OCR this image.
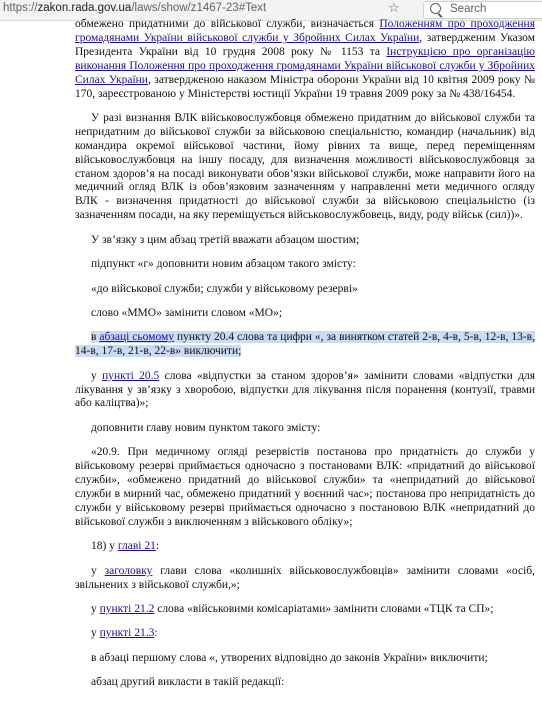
https://zakon.rada.gov.ua/laws/show/z1467-23#Text	☆	Search

обмежено придатними до військової служби, визначається Положенням про проходження громадянами України військової служби у Збройних Силах України, затвердженим Указом Президента України від 10 грудня 2008 року № 1153 та Інструкцією про організацію виконання Положення про проходження громадянами України військової служби у Збройних Силах України, затвердженою наказом Міністра оборони України від 10 квітня 2009 року № 170, зареєстрованою у Міністерстві юстиції України 19 травня 2009 року за № 438/16454.

У разі визнання ВЛК військовослужбовця обмежено придатним до військової служби та непридатним до військової служби за військовою спеціальністю, командир (начальник) від командира окремої військової частини, йому рівних та вище, перед переміщенням військовослужбовця на іншу посаду, для визначення можливості військовослужбовця за станом здоров’я на посаді виконувати обов’язки військової служби, може направити його на медичний огляд ВЛК із обов’язковим зазначенням у направленні мети медичного огляду ВЛК - визначення придатності до військової служби за військовою спеціальністю (із зазначенням посади, на яку переміщується військовослужбовець, виду, роду військ (сил))».

У зв’язку з цим абзац третій вважати абзацом шостим;

підпункт «г» доповнити новим абзацом такого змісту:

«до військової служби; служби у військовому резерві»

слово «ММО» замінити словом «МО»;

в абзаці сьомому пункту 20.4 слова та цифри «, за винятком статей 2-в, 4-в, 5-в, 12-в, 13-в, 14-в, 17-в, 21-в, 22-в» виключити;

у пункті 20.5 слова «відпустки за станом здоров’я» замінити словами «відпустки для лікування у зв’язку з хворобою, відпустки для лікування після поранення (контузії, травми або каліцтва)»;

доповнити главу новим пунктом такого змісту:

«20.9. При медичному огляді резервістів постанова про придатність до служби у військовому резерві приймається одночасно з постановами ВЛК: «придатний до військової служби», «обмежено придатний до військової служби» та «непридатний до військової служби в мирний час, обмежено придатний у воєнний час»; постанова про непридатність до служби у військовому резерві приймається одночасно з постановою ВЛК «непридатний до військової служби з виключенням з військового обліку»;

18) у главі 21:

у заголовку глави слова «колишніх військовослужбовців» замінити словами «осіб, звільнених з військової служби,»;

у пункті 21.2 слова «військовими комісаріатами» замінити словами «ТЦК та СП»;

у пункті 21.3:

в абзаці першому слова «, утворених відповідно до законів України» виключити;

абзац другий викласти в такій редакції:
